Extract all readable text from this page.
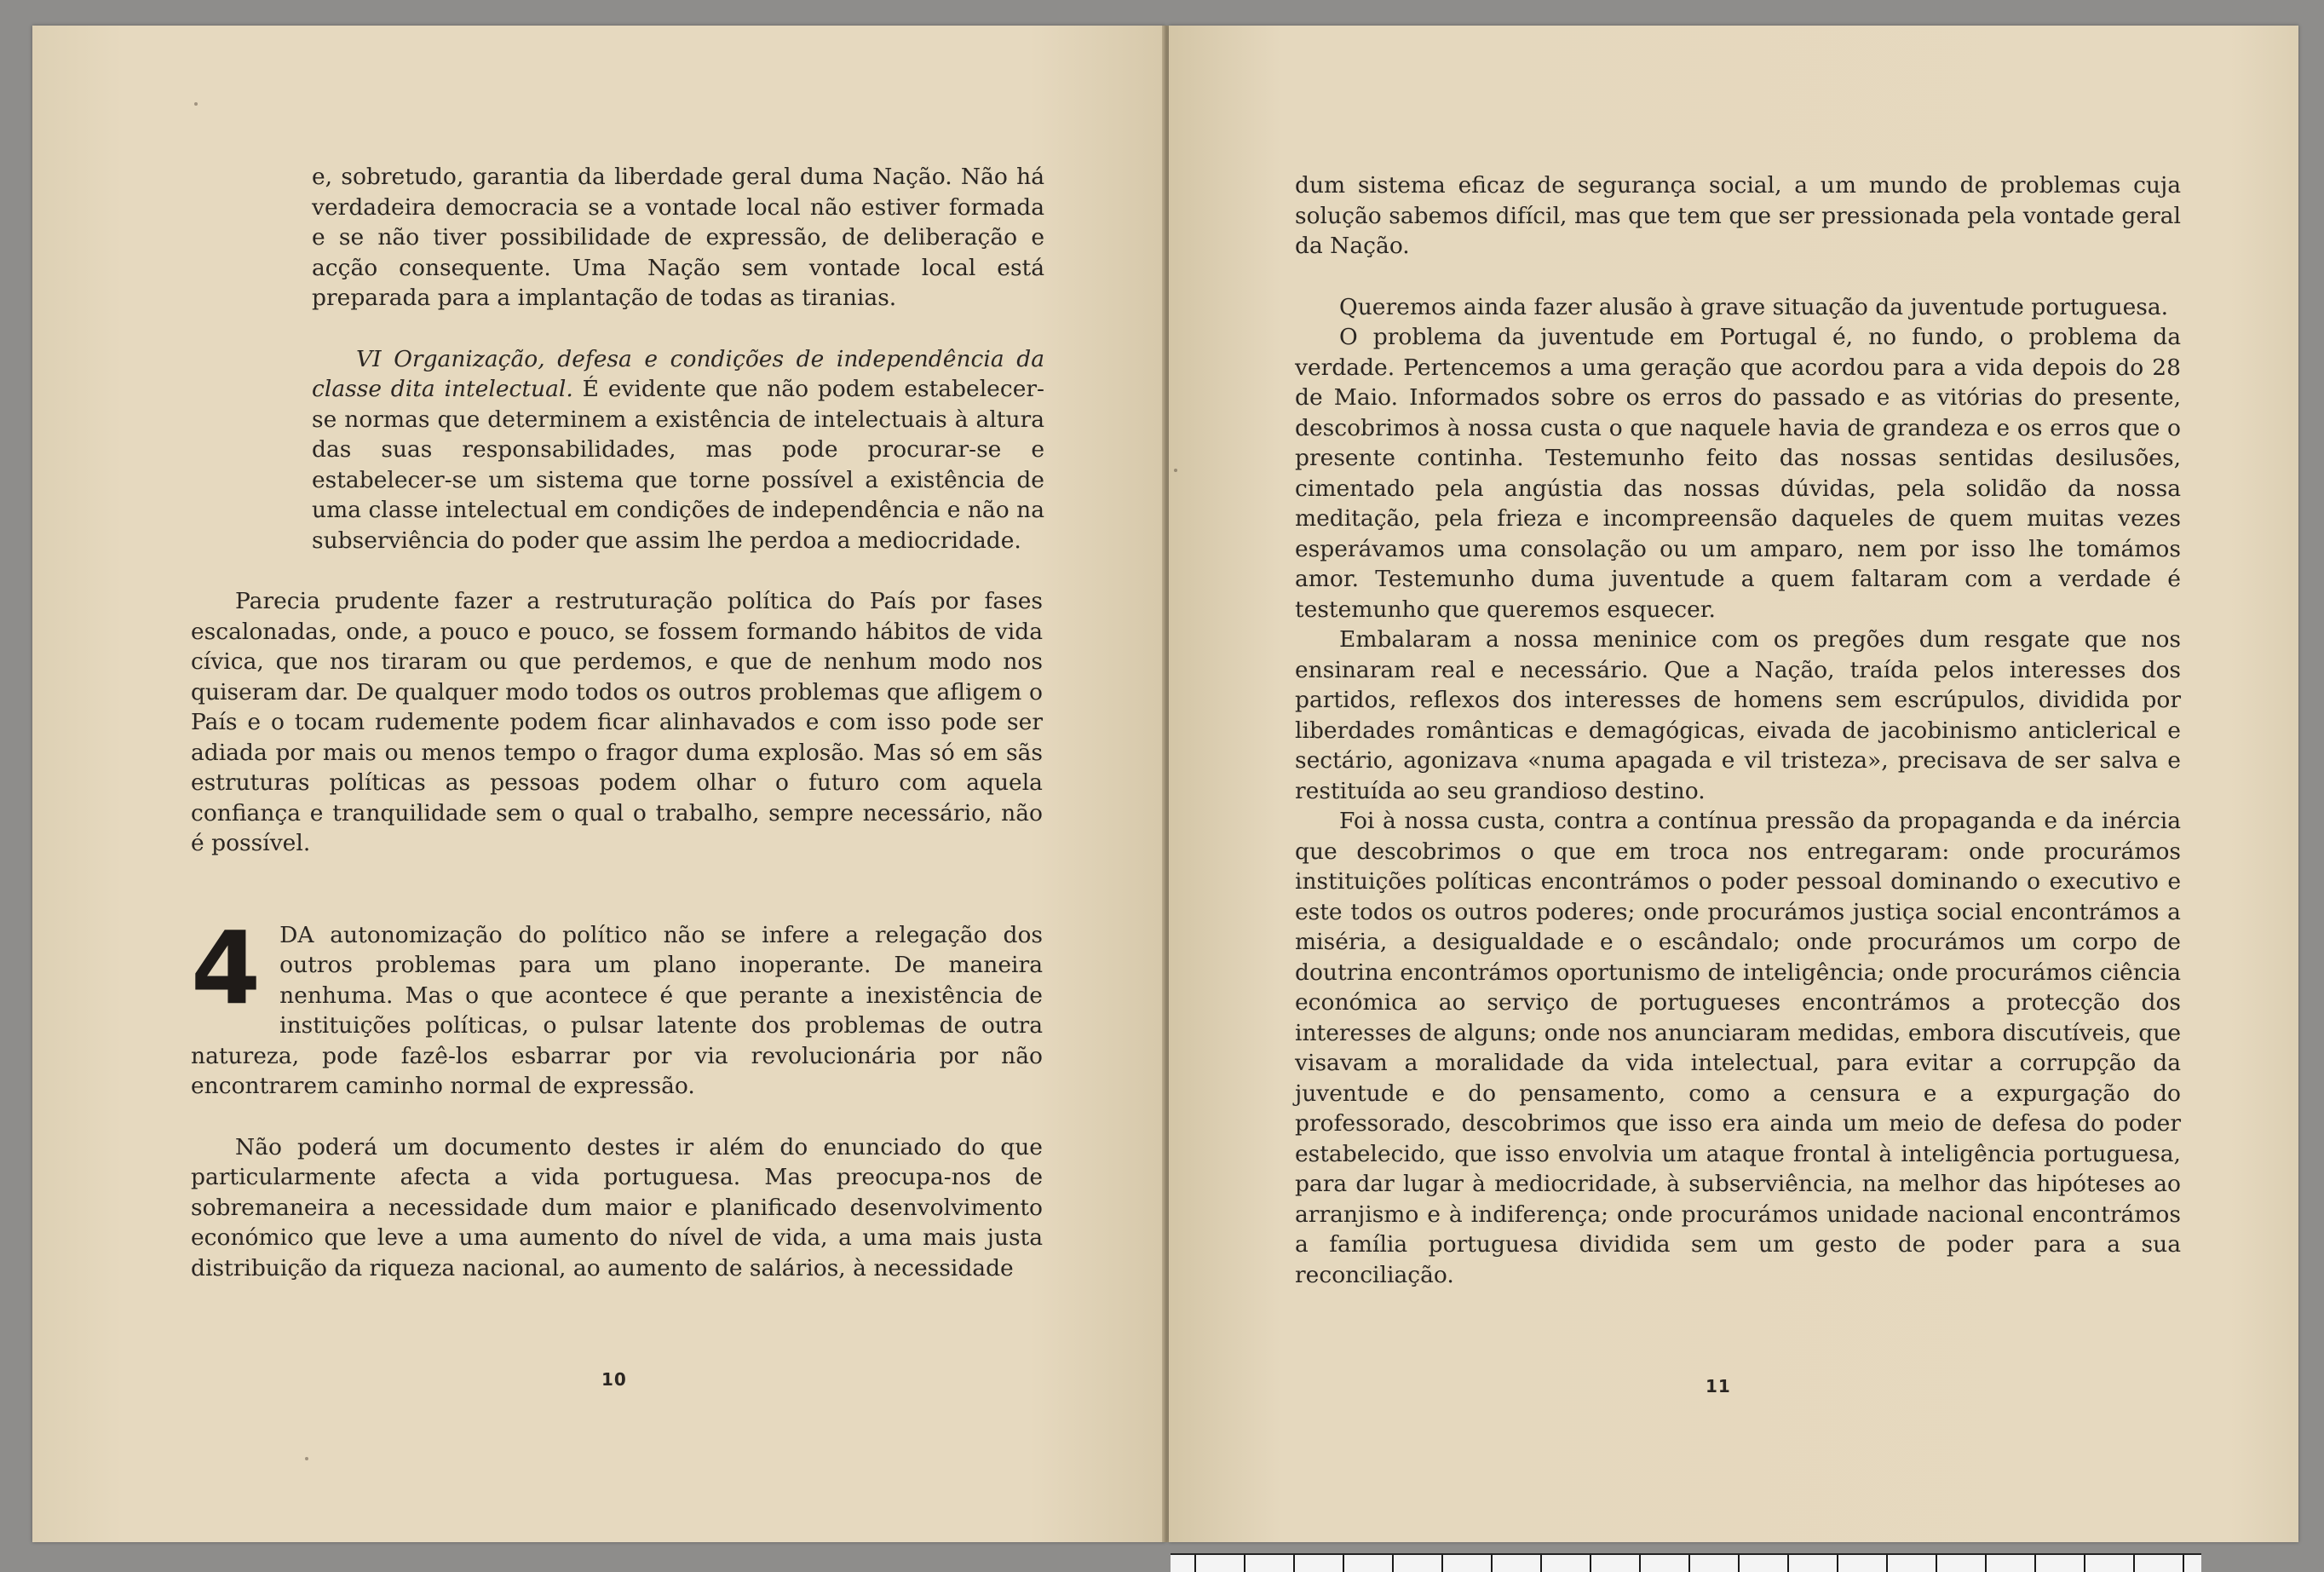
e, sobretudo, garantia da liberdade geral duma Nação. Não há verdadeira democracia se a vontade local não estiver formada e se não tiver possibilidade de expressão, de deliberação e acção consequente. Uma Nação sem vontade local está preparada para a implantação de todas as tiranias.

VI Organização, defesa e condições de independência da classe dita intelectual. É evidente que não podem estabelecer-se normas que determinem a existência de intelectuais à altura das suas responsabilidades, mas pode procurar-se e estabelecer-se um sistema que torne possível a existência de uma classe intelectual em condições de independência e não na subserviência do poder que assim lhe perdoa a mediocridade.

Parecia prudente fazer a restruturação política do País por fases escalonadas, onde, a pouco e pouco, se fossem formando hábitos de vida cívica, que nos tiraram ou que perdemos, e que de nenhum modo nos quiseram dar. De qualquer modo todos os outros problemas que afligem o País e o tocam rudemente podem ficar alinhavados e com isso pode ser adiada por mais ou menos tempo o fragor duma explosão. Mas só em sãs estruturas políticas as pessoas podem olhar o futuro com aquela confiança e tranquilidade sem o qual o trabalho, sempre necessário, não é possível.

4 DA autonomização do político não se infere a relegação dos outros problemas para um plano inoperante. De maneira nenhuma. Mas o que acontece é que perante a inexistência de instituições políticas, o pulsar latente dos problemas de outra natureza, pode fazê-los esbarrar por via revolucionária por não encontrarem caminho normal de expressão.

Não poderá um documento destes ir além do enunciado do que particularmente afecta a vida portuguesa. Mas preocupa-nos de sobremaneira a necessidade dum maior e planificado desenvolvimento económico que leve a uma aumento do nível de vida, a uma mais justa distribuição da riqueza nacional, ao aumento de salários, à necessidade

10

dum sistema eficaz de segurança social, a um mundo de problemas cuja solução sabemos difícil, mas que tem que ser pressionada pela vontade geral da Nação.

Queremos ainda fazer alusão à grave situação da juventude portuguesa.

O problema da juventude em Portugal é, no fundo, o problema da verdade. Pertencemos a uma geração que acordou para a vida depois do 28 de Maio. Informados sobre os erros do passado e as vitórias do presente, descobrimos à nossa custa o que naquele havia de grandeza e os erros que o presente continha. Testemunho feito das nossas sentidas desilusões, cimentado pela angústia das nossas dúvidas, pela solidão da nossa meditação, pela frieza e incompreensão daqueles de quem muitas vezes esperávamos uma consolação ou um amparo, nem por isso lhe tomámos amor. Testemunho duma juventude a quem faltaram com a verdade é testemunho que queremos esquecer.

Embalaram a nossa meninice com os pregões dum resgate que nos ensinaram real e necessário. Que a Nação, traída pelos interesses dos partidos, reflexos dos interesses de homens sem escrúpulos, dividida por liberdades românticas e demagógicas, eivada de jacobinismo anticlerical e sectário, agonizava «numa apagada e vil tristeza», precisava de ser salva e restituída ao seu grandioso destino.

Foi à nossa custa, contra a contínua pressão da propaganda e da inércia que descobrimos o que em troca nos entregaram: onde procurámos instituições políticas encontrámos o poder pessoal dominando o executivo e este todos os outros poderes; onde procurámos justiça social encontrámos a miséria, a desigualdade e o escândalo; onde procurámos um corpo de doutrina encontrámos oportunismo de inteligência; onde procurámos ciência económica ao serviço de portugueses encontrámos a protecção dos interesses de alguns; onde nos anunciaram medidas, embora discutíveis, que visavam a moralidade da vida intelectual, para evitar a corrupção da juventude e do pensamento, como a censura e a expurgação do professorado, descobrimos que isso era ainda um meio de defesa do poder estabelecido, que isso envolvia um ataque frontal à inteligência portuguesa, para dar lugar à mediocridade, à subserviência, na melhor das hipóteses ao arranjismo e à indiferença; onde procurámos unidade nacional encontrámos a família portuguesa dividida sem um gesto de poder para a sua reconciliação.

11
